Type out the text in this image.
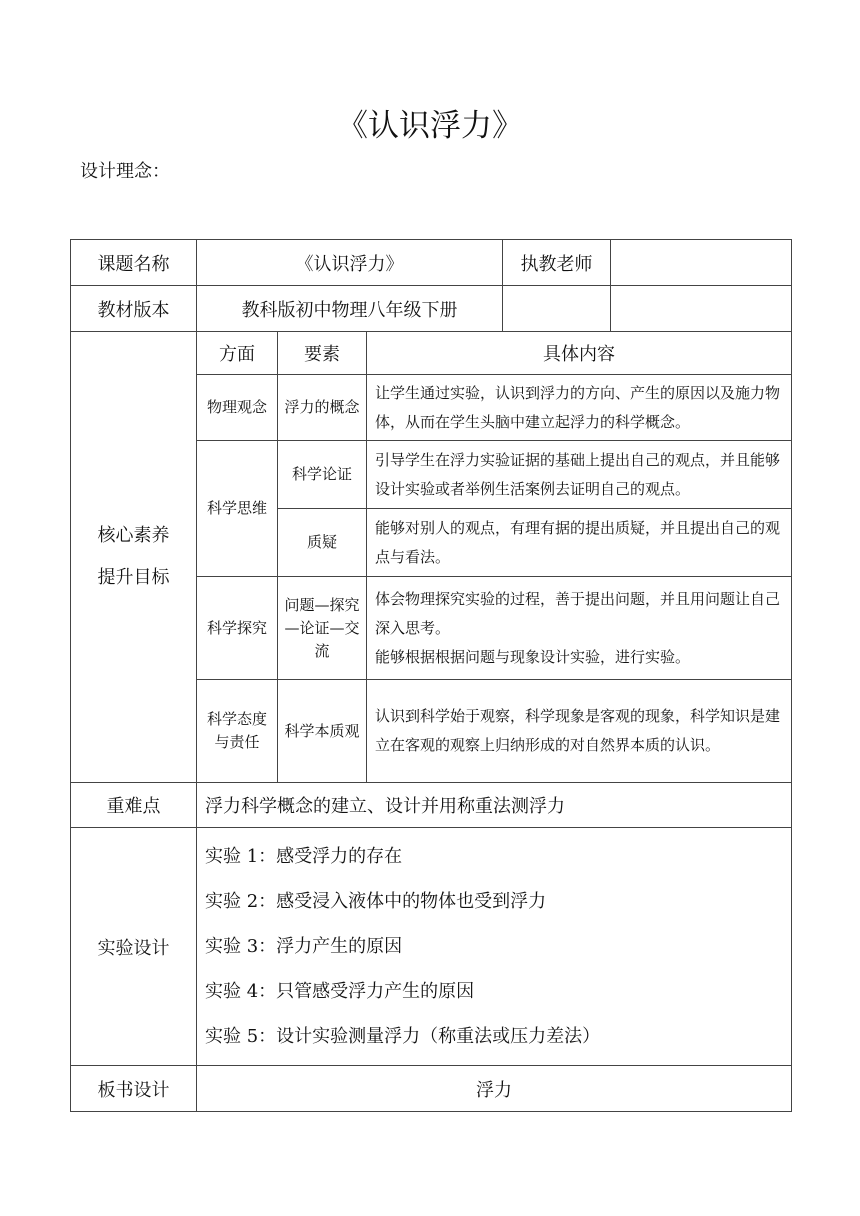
《认识浮力》
设计理念：
课题名称	《认识浮力》			执教老师	
教材版本	教科版初中物理八年级下册				

核心素养
提升目标	方面	要素	具体内容		
	物理观念	浮力的概念	让学生通过实验，认识到浮力的方向、产生的原因以及施力物体，从而在学生头脑中建立起浮力的科学概念。		
	科学思维	科学论证	引导学生在浮力实验证据的基础上提出自己的观点，并且能够设计实验或者举例生活案例去证明自己的观点。		
		质疑	能够对别人的观点，有理有据的提出质疑，并且提出自己的观点与看法。		
	科学探究	问题—探究—论证—交流	体会物理探究实验的过程，善于提出问题，并且用问题让自己深入思考。
能够根据根据问题与现象设计实验，进行实验。		

	科学态度与责任	科学本质观	认识到科学始于观察，科学现象是客观的现象，科学知识是建立在客观的观察上归纳形成的对自然界本质的认识。		

重难点	浮力科学概念的建立、设计并用称重法测浮力				
实验设计	实验 1：感受浮力的存在
实验 2：感受浸入液体中的物体也受到浮力
实验 3：浮力产生的原因
实验 4：只管感受浮力产生的原因
实验 5：设计实验测量浮力（称重法或压力差法）				

板书设计	浮力				
